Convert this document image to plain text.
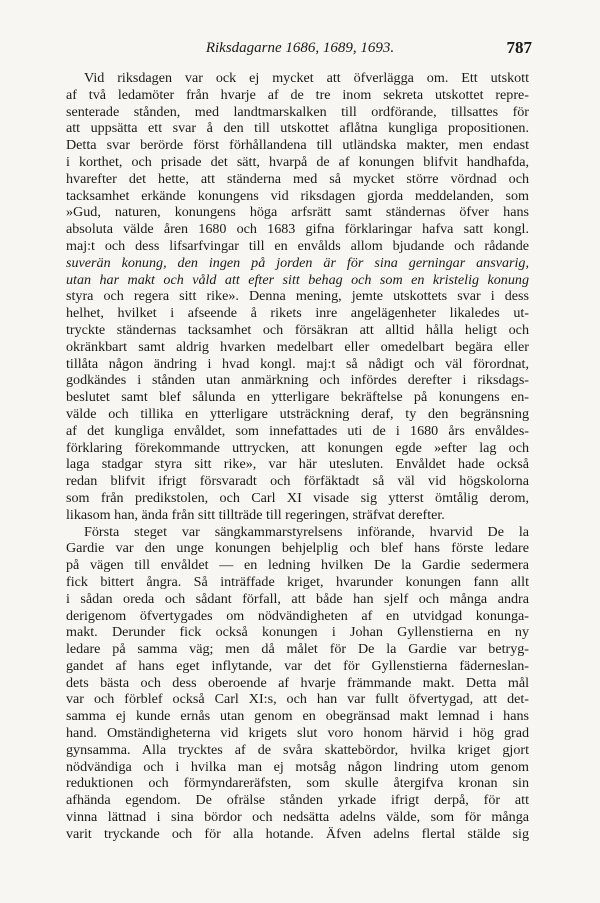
Riksdagarne 1686, 1689, 1693.	787
Vid riksdagen var ock ej mycket att öfverlägga om. Ett utskott
af två ledamöter från hvarje af de tre inom sekreta utskottet repre-
senterade stånden, med landtmarskalken till ordförande, tillsattes för
att uppsätta ett svar å den till utskottet aflåtna kungliga propositionen.
Detta svar berörde först förhållandena till utländska makter, men endast
i korthet, och prisade det sätt, hvarpå de af konungen blifvit handhafda,
hvarefter det hette, att ständerna med så mycket större vördnad och
tacksamhet erkände konungens vid riksdagen gjorda meddelanden, som
»Gud, naturen, konungens höga arfsrätt samt ständernas öfver hans
absoluta välde åren 1680 och 1683 gifna förklaringar hafva satt kongl.
maj:t och dess lifsarfvingar till en envålds allom bjudande och rådande
suverän konung, den ingen på jorden är för sina gerningar ansvarig,
utan har makt och våld att efter sitt behag och som en kristelig konung
styra och regera sitt rike». Denna mening, jemte utskottets svar i dess
helhet, hvilket i afseende å rikets inre angelägenheter likaledes ut-
tryckte ständernas tacksamhet och försäkran att alltid hålla heligt och
okränkbart samt aldrig hvarken medelbart eller omedelbart begära eller
tillåta någon ändring i hvad kongl. maj:t så nådigt och väl förordnat,
godkändes i stånden utan anmärkning och infördes derefter i riksdags-
beslutet samt blef sålunda en ytterligare bekräftelse på konungens en-
välde och tillika en ytterligare utsträckning deraf, ty den begränsning
af det kungliga envåldet, som innefattades uti de i 1680 års envåldes-
förklaring förekommande uttrycken, att konungen egde »efter lag och
laga stadgar styra sitt rike», var här utesluten. Envåldet hade också
redan blifvit ifrigt försvaradt och förfäktadt så väl vid högskolorna
som från predikstolen, och Carl XI visade sig ytterst ömtålig derom,
likasom han, ända från sitt tillträde till regeringen, sträfvat derefter.
Första steget var sängkammarstyrelsens införande, hvarvid De la
Gardie var den unge konungen behjelplig och blef hans förste ledare
på vägen till envåldet — en ledning hvilken De la Gardie sedermera
fick bittert ångra. Så inträffade kriget, hvarunder konungen fann allt
i sådan oreda och sådant förfall, att både han sjelf och många andra
derigenom öfvertygades om nödvändigheten af en utvidgad konunga-
makt. Derunder fick också konungen i Johan Gyllenstierna en ny
ledare på samma väg; men då målet för De la Gardie var betryg-
gandet af hans eget inflytande, var det för Gyllenstierna fäderneslan-
dets bästa och dess oberoende af hvarje främmande makt. Detta mål
var och förblef också Carl XI:s, och han var fullt öfvertygad, att det-
samma ej kunde ernås utan genom en obegränsad makt lemnad i hans
hand. Omständigheterna vid krigets slut voro honom härvid i hög grad
gynsamma. Alla trycktes af de svåra skattebördor, hvilka kriget gjort
nödvändiga och i hvilka man ej motsåg någon lindring utom genom
reduktionen och förmyndareräfsten, som skulle återgifva kronan sin
afhända egendom. De ofrälse stånden yrkade ifrigt derpå, för att
vinna lättnad i sina bördor och nedsätta adelns välde, som för många
varit tryckande och för alla hotande. Äfven adelns flertal stälde sig
